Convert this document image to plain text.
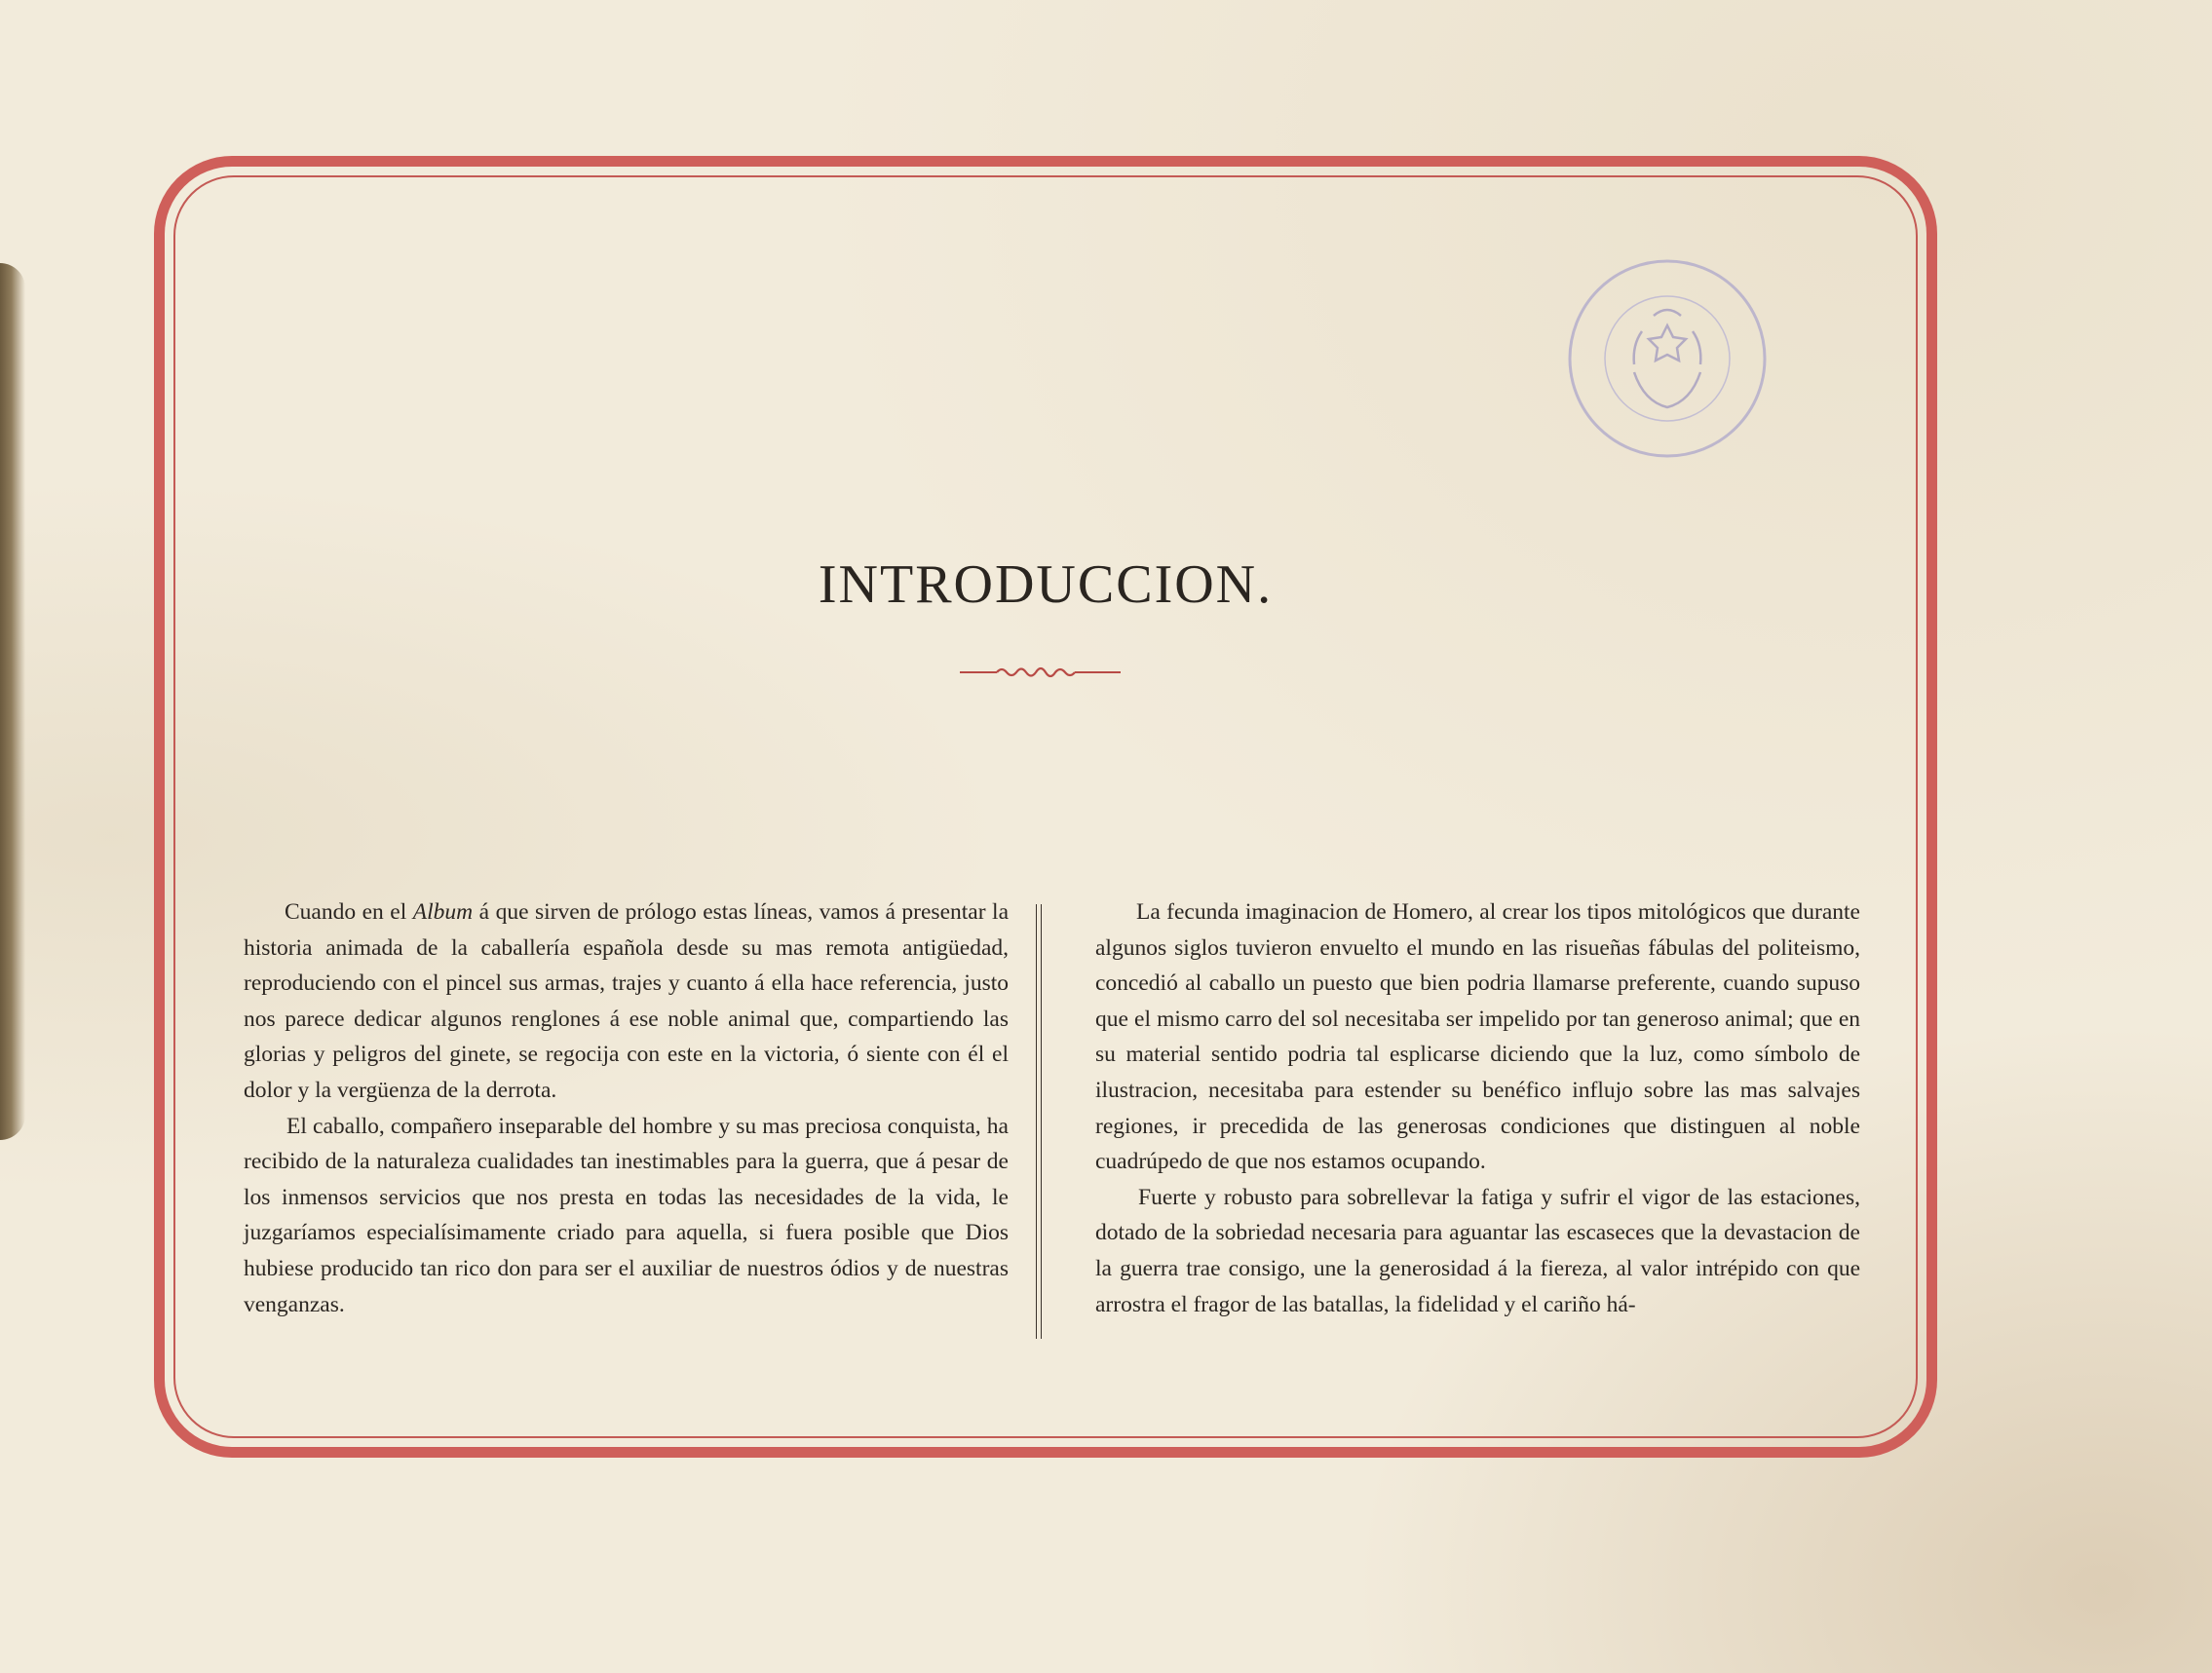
INTRODUCCION.

Cuando en el Album á que sirven de prólogo estas líneas, vamos á presentar la historia animada de la caballería española desde su mas remota antigüedad, reproduciendo con el pincel sus armas, trajes y cuanto á ella hace referencia, justo nos parece dedicar algunos renglones á ese noble animal que, compartiendo las glorias y peligros del ginete, se regocija con este en la victoria, ó siente con él el dolor y la vergüenza de la derrota.

El caballo, compañero inseparable del hombre y su mas preciosa conquista, ha recibido de la naturaleza cualidades tan inestimables para la guerra, que á pesar de los inmensos servicios que nos presta en todas las necesidades de la vida, le juzgaríamos especialísimamente criado para aquella, si fuera posible que Dios hubiese producido tan rico don para ser el auxiliar de nuestros ódios y de nuestras venganzas.

La fecunda imaginacion de Homero, al crear los tipos mitológicos que durante algunos siglos tuvieron envuelto el mundo en las risueñas fábulas del politeismo, concedió al caballo un puesto que bien podria llamarse preferente, cuando supuso que el mismo carro del sol necesitaba ser impelido por tan generoso animal; que en su material sentido podria tal esplicarse diciendo que la luz, como símbolo de ilustracion, necesitaba para estender su benéfico influjo sobre las mas salvajes regiones, ir precedida de las generosas condiciones que distinguen al noble cuadrúpedo de que nos estamos ocupando.

Fuerte y robusto para sobrellevar la fatiga y sufrir el vigor de las estaciones, dotado de la sobriedad necesaria para aguantar las escaseces que la devastacion de la guerra trae consigo, une la generosidad á la fiereza, al valor intrépido con que arrostra el fragor de las batallas, la fidelidad y el cariño há-
